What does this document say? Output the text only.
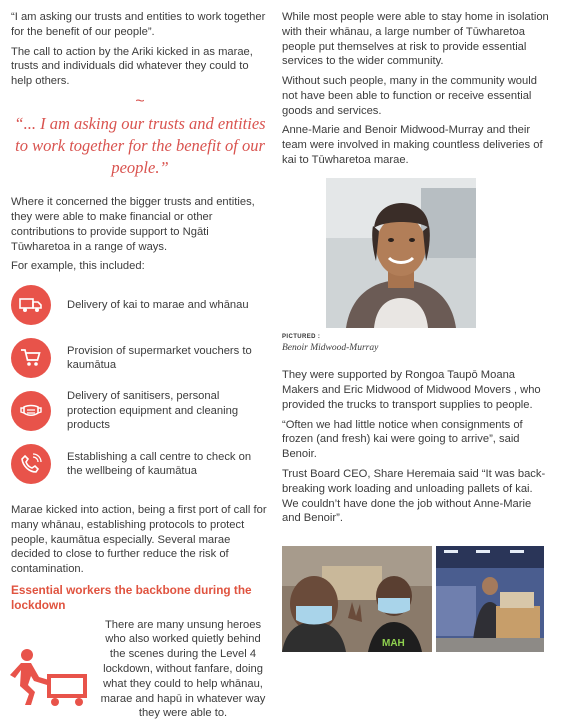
“I am asking our trusts and entities to work together for the benefit of our people”.

The call to action by the Ariki kicked in as marae, trusts and individuals did whatever they could to help others.

~
“... I am asking our trusts and entities to work together for the benefit of our people.”

Where it concerned the bigger trusts and entities, they were able to make financial or other contributions to provide support to Ngāti Tūwharetoa in a range of ways.

For example, this included:

Delivery of kai to marae and whānau
Provision of supermarket vouchers to kaumātua
Delivery of sanitisers, personal protection equipment and cleaning products
Establishing a call centre to check on the wellbeing of kaumātua

Marae kicked into action, being a first port of call for many whānau, establishing protocols to protect people, kaumātua especially. Several marae decided to close to further reduce the risk of contamination.

Essential workers the backbone during the lockdown
There are many unsung heroes who also worked quietly behind the scenes during the Level 4 lockdown, without fanfare, doing what they could to help whānau, marae and hapū in whatever way they were able to.

While most people were able to stay home in isolation with their whānau, a large number of Tūwharetoa people put themselves at risk to provide essential services to the wider community.

Without such people, many in the community would not have been able to function or receive essential goods and services.

Anne-Marie and Benoir Midwood-Murray and their team were involved in making countless deliveries of kai to Tūwharetoa marae.

PICTURED :
Benoir Midwood-Murray

They were supported by Rongoa Taupō Moana Makers and Eric Midwood of Midwood Movers , who provided the trucks to transport supplies to people.

“Often we had little notice when consignments of frozen (and fresh) kai were going to arrive”, said Benoir.

Trust Board CEO, Share Heremaia said “It was back-breaking work loading and unloading pallets of kai. We couldn’t have done the job without Anne-Marie and Benoir”.

MAH
